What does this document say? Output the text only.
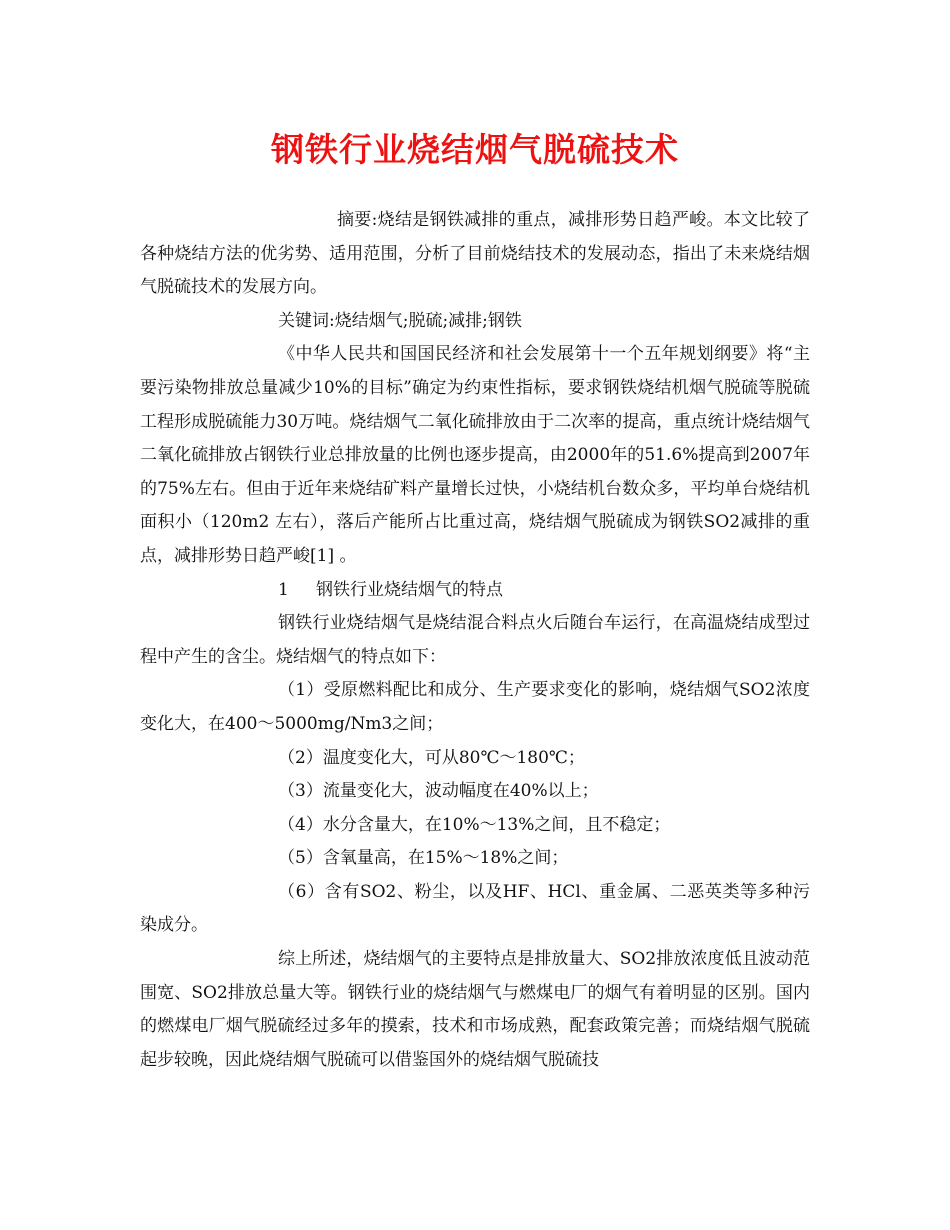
钢铁行业烧结烟气脱硫技术

摘要:烧结是钢铁减排的重点，减排形势日趋严峻。本文比较了各种烧结方法的优劣势、适用范围，分析了目前烧结技术的发展动态，指出了未来烧结烟气脱硫技术的发展方向。

关键词:烧结烟气;脱硫;减排;钢铁

《中华人民共和国国民经济和社会发展第十一个五年规划纲要》将“主要污染物排放总量减少10%的目标”确定为约束性指标，要求钢铁烧结机烟气脱硫等脱硫工程形成脱硫能力30万吨。烧结烟气二氧化硫排放由于二次率的提高，重点统计烧结烟气二氧化硫排放占钢铁行业总排放量的比例也逐步提高，由2000年的51.6%提高到2007年的75%左右。但由于近年来烧结矿料产量增长过快，小烧结机台数众多，平均单台烧结机面积小（120m2 左右），落后产能所占比重过高，烧结烟气脱硫成为钢铁SO2减排的重点，减排形势日趋严峻[1] 。

1 钢铁行业烧结烟气的特点

钢铁行业烧结烟气是烧结混合料点火后随台车运行，在高温烧结成型过程中产生的含尘。烧结烟气的特点如下：

（1）受原燃料配比和成分、生产要求变化的影响，烧结烟气SO2浓度变化大，在400～5000mg/Nm3之间；

（2）温度变化大，可从80℃～180℃；

（3）流量变化大，波动幅度在40%以上；

（4）水分含量大，在10%～13%之间，且不稳定；

（5）含氧量高，在15%～18%之间；

（6）含有SO2、粉尘，以及HF、HCl、重金属、二恶英类等多种污染成分。

综上所述，烧结烟气的主要特点是排放量大、SO2排放浓度低且波动范围宽、SO2排放总量大等。钢铁行业的烧结烟气与燃煤电厂的烟气有着明显的区别。国内的燃煤电厂烟气脱硫经过多年的摸索，技术和市场成熟，配套政策完善；而烧结烟气脱硫起步较晚，因此烧结烟气脱硫可以借鉴国外的烧结烟气脱硫技
